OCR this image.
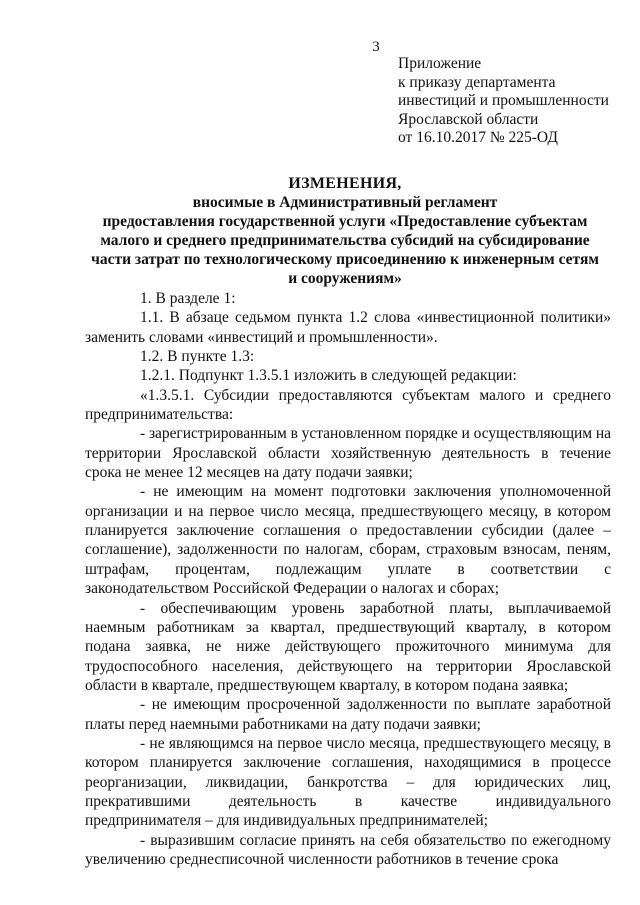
3
Приложение
к приказу департамента
инвестиций и промышленности
Ярославской области
от 16.10.2017 № 225-ОД
ИЗМЕНЕНИЯ,
вносимые в Административный регламент
предоставления государственной услуги «Предоставление субъектам
малого и среднего предпринимательства субсидий на субсидирование
части затрат по технологическому присоединению к инженерным сетям
и сооружениям»
1. В разделе 1:
1.1. В абзаце седьмом пункта 1.2 слова «инвестиционной политики»
заменить словами «инвестиций и промышленности».
1.2. В пункте 1.3:
1.2.1. Подпункт 1.3.5.1 изложить в следующей редакции:
«1.3.5.1. Субсидии предоставляются субъектам малого и среднего
предпринимательства:
- зарегистрированным в установленном порядке и осуществляющим на
территории Ярославской области хозяйственную деятельность в течение
срока не менее 12 месяцев на дату подачи заявки;
- не имеющим на момент подготовки заключения уполномоченной
организации и на первое число месяца, предшествующего месяцу, в котором
планируется заключение соглашения о предоставлении субсидии (далее –
соглашение), задолженности по налогам, сборам, страховым взносам, пеням,
штрафам, процентам, подлежащим уплате в соответствии с
законодательством Российской Федерации о налогах и сборах;
- обеспечивающим уровень заработной платы, выплачиваемой
наемным работникам за квартал, предшествующий кварталу, в котором
подана заявка, не ниже действующего прожиточного минимума для
трудоспособного населения, действующего на территории Ярославской
области в квартале, предшествующем кварталу, в котором подана заявка;
- не имеющим просроченной задолженности по выплате заработной
платы перед наемными работниками на дату подачи заявки;
- не являющимся на первое число месяца, предшествующего месяцу, в
котором планируется заключение соглашения, находящимися в процессе
реорганизации, ликвидации, банкротства – для юридических лиц,
прекратившими деятельность в качестве индивидуального
предпринимателя – для индивидуальных предпринимателей;
- выразившим согласие принять на себя обязательство по ежегодному
увеличению среднесписочной численности работников в течение срока
